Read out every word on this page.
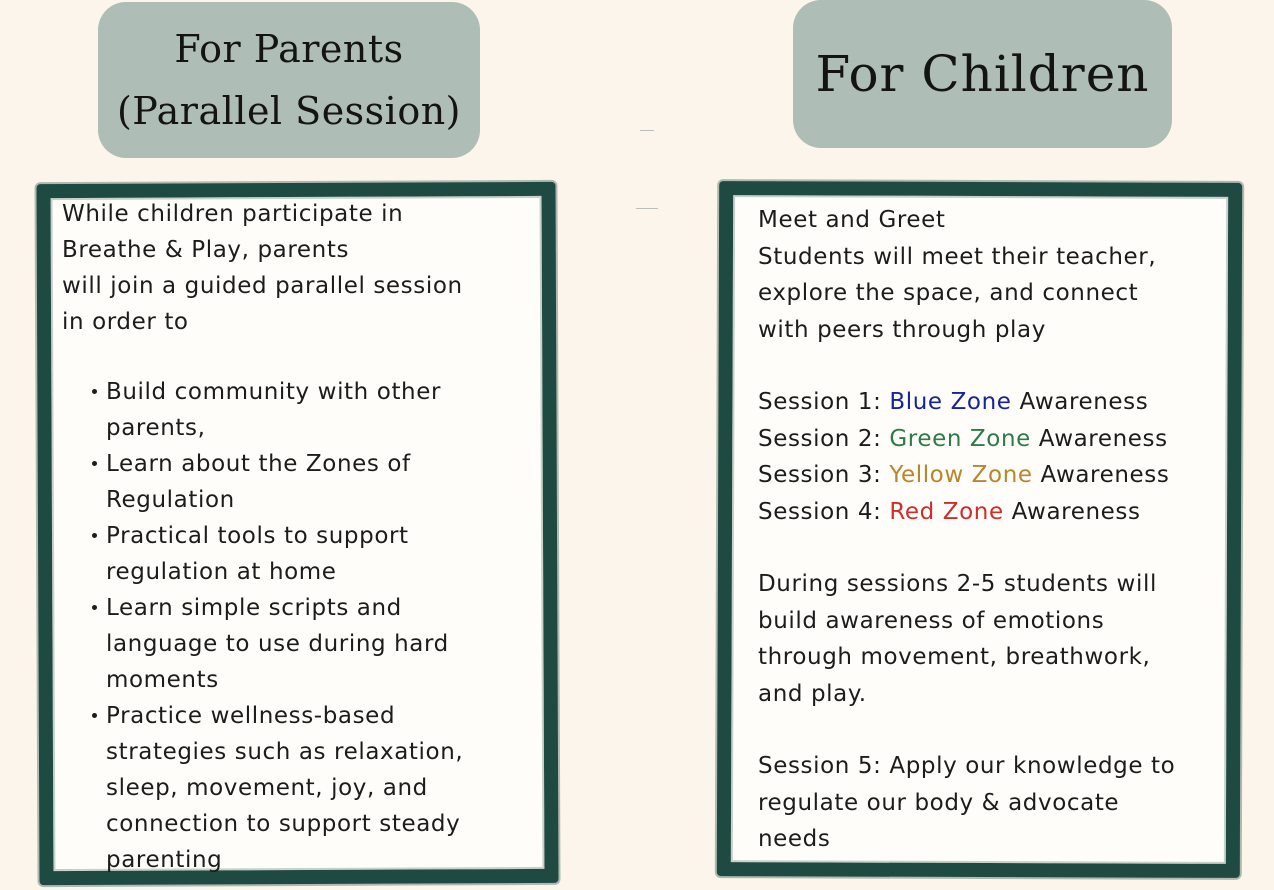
For Parents
(Parallel Session)
For Children
While children participate in
Breathe & Play, parents
will join a guided parallel session
in order to
Build community with other
parents,
Learn about the Zones of
Regulation
Practical tools to support
regulation at home
Learn simple scripts and
language to use during hard
moments
Practice wellness-based
strategies such as relaxation,
sleep, movement, joy, and
connection to support steady
parenting
Meet and Greet
Students will meet their teacher,
explore the space, and connect
with peers through play
Session 1: Blue Zone Awareness
Session 2: Green Zone Awareness
Session 3: Yellow Zone Awareness
Session 4: Red Zone Awareness
During sessions 2-5 students will
build awareness of emotions
through movement, breathwork,
and play.
Session 5: Apply our knowledge to
regulate our body & advocate
needs
